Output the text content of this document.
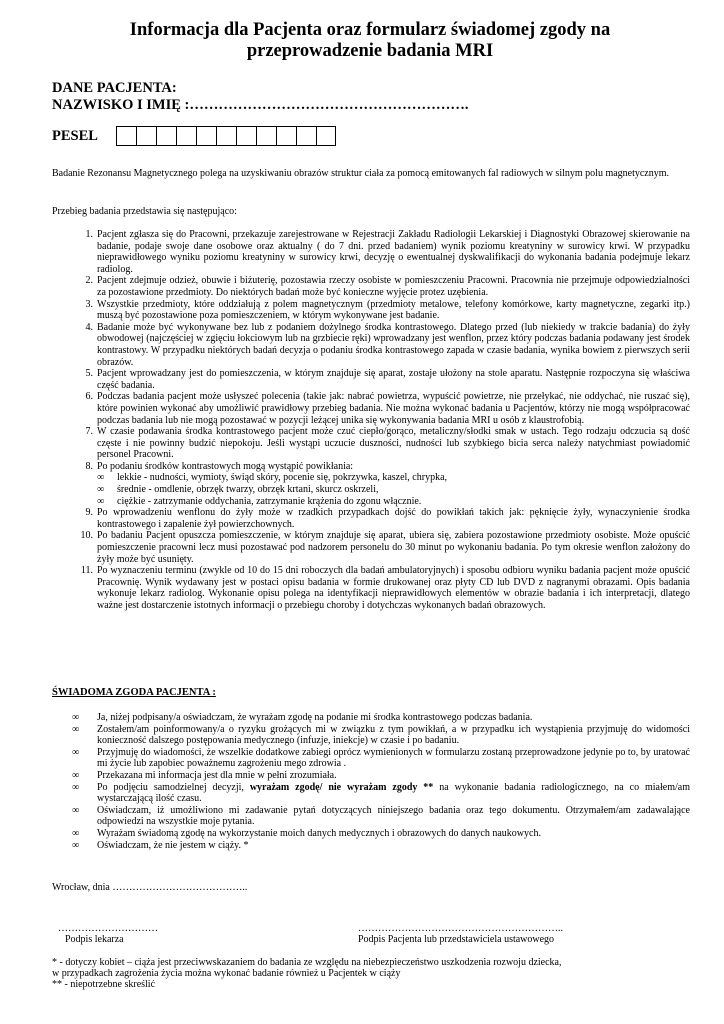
Informacja dla Pacjenta oraz formularz świadomej zgody na
przeprowadzenie badania MRI
DANE PACJENTA:
NAZWISKO I IMIĘ :………………………………………………….
PESEL
Badanie Rezonansu Magnetycznego polega na uzyskiwaniu obrazów struktur ciała za pomocą emitowanych fal radiowych w silnym polu magnetycznym.
Przebieg badania przedstawia się następująco:
Pacjent zgłasza się do Pracowni, przekazuje zarejestrowane w Rejestracji Zakładu Radiologii Lekarskiej i Diagnostyki Obrazowej skierowanie na badanie, podaje swoje dane osobowe oraz aktualny ( do 7 dni. przed badaniem) wynik poziomu kreatyniny w surowicy krwi. W przypadku nieprawidłowego wyniku poziomu kreatyniny w surowicy krwi, decyzję o ewentualnej dyskwalifikacji do wykonania badania podejmuje lekarz radiolog.
Pacjent zdejmuje odzież, obuwie i biżuterię, pozostawia rzeczy osobiste w pomieszczeniu Pracowni. Pracownia nie przejmuje odpowiedzialności za pozostawione przedmioty. Do niektórych badań może być konieczne wyjęcie protez uzębienia.
Wszystkie przedmioty, które oddziałują z polem magnetycznym (przedmioty metalowe, telefony komórkowe, karty magnetyczne, zegarki itp.) muszą być pozostawione poza pomieszczeniem, w którym wykonywane jest badanie.
Badanie może być wykonywane bez lub z podaniem dożylnego środka kontrastowego. Dlatego przed (lub niekiedy w trakcie badania) do żyły obwodowej (najczęściej w zgięciu łokciowym lub na grzbiecie ręki) wprowadzany jest wenflon, przez który podczas badania podawany jest środek kontrastowy. W przypadku niektórych badań decyzja o podaniu środka kontrastowego zapada w czasie badania, wynika bowiem z pierwszych serii obrazów.
Pacjent wprowadzany jest do pomieszczenia, w którym znajduje się aparat, zostaje ułożony na stole aparatu. Następnie rozpoczyna się właściwa część badania.
Podczas badania pacjent może usłyszeć polecenia (takie jak: nabrać powietrza, wypuścić powietrze, nie przełykać, nie oddychać, nie ruszać się), które powinien wykonać aby umożliwić prawidłowy przebieg badania. Nie można wykonać badania u Pacjentów, którzy nie mogą współpracować podczas badania lub nie mogą pozostawać w pozycji leżącej unika się wykonywania badania MRI u osób z klaustrofobią.
W czasie podawania środka kontrastowego pacjent może czuć ciepło/gorąco, metaliczny/słodki smak w ustach. Tego rodzaju odczucia są dość częste i nie powinny budzić niepokoju. Jeśli wystąpi uczucie duszności, nudności lub szybkiego bicia serca należy natychmiast powiadomić personel Pracowni.
Po podaniu środków kontrastowych mogą wystąpić powikłania:
∞ lekkie - nudności, wymioty, świąd skóry, pocenie się, pokrzywka, kaszel, chrypka,
∞ średnie - omdlenie, obrzęk twarzy, obrzęk krtani, skurcz oskrzeli,
∞ ciężkie - zatrzymanie oddychania, zatrzymanie krążenia do zgonu włącznie.
Po wprowadzeniu wenflonu do żyły może w rzadkich przypadkach dojść do powikłań takich jak: pęknięcie żyły, wynaczynienie środka kontrastowego i zapalenie żył powierzchownych.
Po badaniu Pacjent opuszcza pomieszczenie, w którym znajduje się aparat, ubiera się, zabiera pozostawione przedmioty osobiste. Może opuścić pomieszczenie pracowni lecz musi pozostawać pod nadzorem personelu do 30 minut po wykonaniu badania. Po tym okresie wenflon założony do żyły może być usunięty.
Po wyznaczeniu terminu (zwykle od 10 do 15 dni roboczych dla badań ambulatoryjnych) i sposobu odbioru wyniku badania pacjent może opuścić Pracownię. Wynik wydawany jest w postaci opisu badania w formie drukowanej oraz płyty CD lub DVD z nagranymi obrazami. Opis badania wykonuje lekarz radiolog. Wykonanie opisu polega na identyfikacji nieprawidłowych elementów w obrazie badania i ich interpretacji, dlatego ważne jest dostarczenie istotnych informacji o przebiegu choroby i dotychczas wykonanych badań obrazowych.
ŚWIADOMA ZGODA PACJENTA :
∞ Ja, niżej podpisany/a oświadczam, że wyrażam zgodę na podanie mi środka kontrastowego podczas badania.
∞ Zostałem/am poinformowany/a o ryzyku grożących mi w związku z tym powikłań, a w przypadku ich wystąpienia przyjmuję do widomości konieczność dalszego postępowania medycznego (infuzje, iniekcje) w czasie i po badaniu.
∞ Przyjmuję do wiadomości, że wszelkie dodatkowe zabiegi oprócz wymienionych w formularzu zostaną przeprowadzone jedynie po to, by uratować mi życie lub zapobiec poważnemu zagrożeniu mego zdrowia .
∞ Przekazana mi informacja jest dla mnie w pełni zrozumiała.
∞ Po podjęciu samodzielnej decyzji, wyrażam zgodę/ nie wyrażam zgody ** na wykonanie badania radiologicznego, na co miałem/am wystarczającą ilość czasu.
∞ Oświadczam, iż umożliwiono mi zadawanie pytań dotyczących niniejszego badania oraz tego dokumentu. Otrzymałem/am zadawalające odpowiedzi na wszystkie moje pytania.
∞ Wyrażam świadomą zgodę na wykorzystanie moich danych medycznych i obrazowych do danych naukowych.
∞ Oświadczam, że nie jestem w ciąży. *
Wrocław, dnia …………………………………..
…………………………
Podpis lekarza
……………………………………………………..
Podpis Pacjenta lub przedstawiciela ustawowego
* - dotyczy kobiet – ciąża jest przeciwwskazaniem do badania ze względu na niebezpieczeństwo uszkodzenia rozwoju dziecka,
w przypadkach zagrożenia życia można wykonać badanie również u Pacjentek w ciąży
** - niepotrzebne skreślić
